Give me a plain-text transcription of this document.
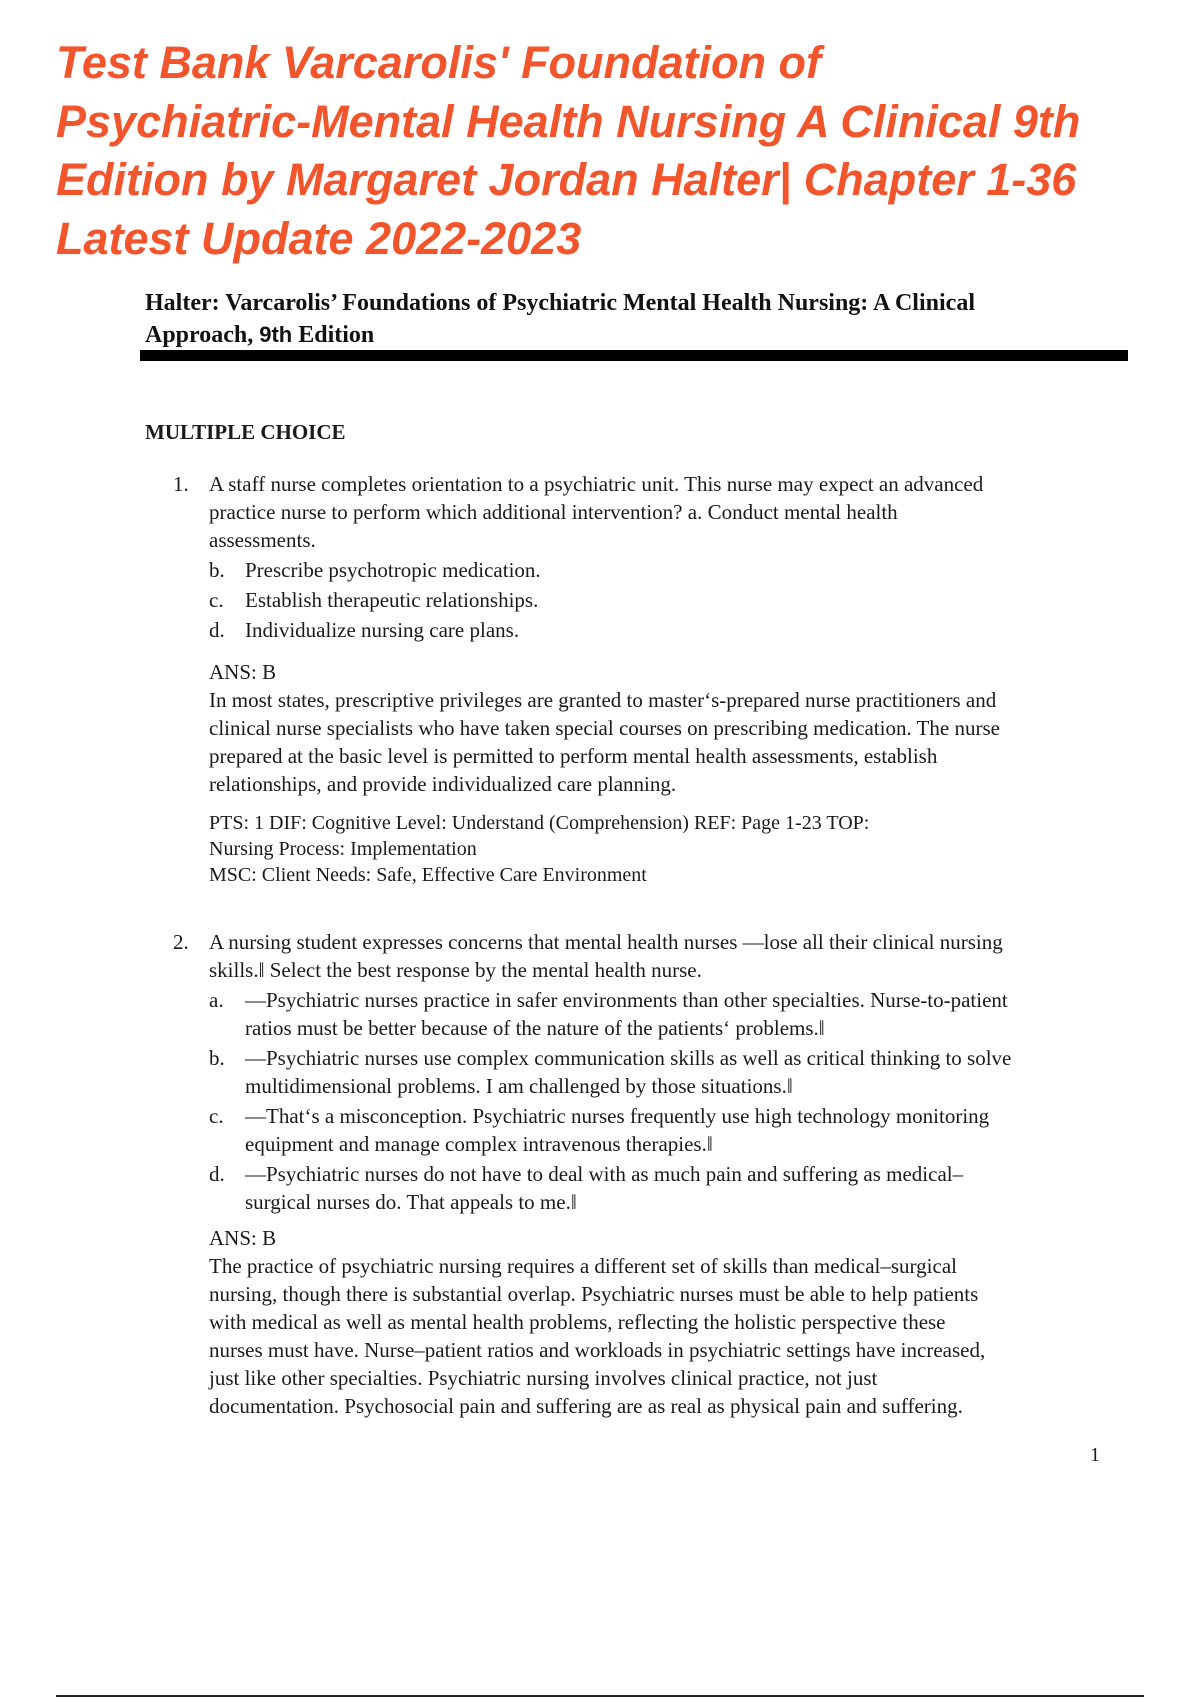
Test Bank Varcarolis' Foundation of
Psychiatric-Mental Health Nursing A Clinical 9th
Edition by Margaret Jordan Halter| Chapter 1-36
Latest Update 2022-2023
Halter: Varcarolis’ Foundations of Psychiatric Mental Health Nursing: A Clinical
Approach, 9th Edition
MULTIPLE CHOICE
1. A staff nurse completes orientation to a psychiatric unit. This nurse may expect an advanced
practice nurse to perform which additional intervention? a. Conduct mental health
assessments.
b. Prescribe psychotropic medication.
c. Establish therapeutic relationships.
d. Individualize nursing care plans.
ANS: B
In most states, prescriptive privileges are granted to master‘s-prepared nurse practitioners and
clinical nurse specialists who have taken special courses on prescribing medication. The nurse
prepared at the basic level is permitted to perform mental health assessments, establish
relationships, and provide individualized care planning.
PTS: 1 DIF: Cognitive Level: Understand (Comprehension) REF: Page 1-23 TOP:
Nursing Process: Implementation
MSC: Client Needs: Safe, Effective Care Environment
2. A nursing student expresses concerns that mental health nurses ―lose all their clinical nursing
skills.‖ Select the best response by the mental health nurse.
a. ―Psychiatric nurses practice in safer environments than other specialties. Nurse-to-patient
ratios must be better because of the nature of the patients‘ problems.‖
b. ―Psychiatric nurses use complex communication skills as well as critical thinking to solve
multidimensional problems. I am challenged by those situations.‖
c. ―That‘s a misconception. Psychiatric nurses frequently use high technology monitoring
equipment and manage complex intravenous therapies.‖
d. ―Psychiatric nurses do not have to deal with as much pain and suffering as medical–
surgical nurses do. That appeals to me.‖
ANS: B
The practice of psychiatric nursing requires a different set of skills than medical–surgical
nursing, though there is substantial overlap. Psychiatric nurses must be able to help patients
with medical as well as mental health problems, reflecting the holistic perspective these
nurses must have. Nurse–patient ratios and workloads in psychiatric settings have increased,
just like other specialties. Psychiatric nursing involves clinical practice, not just
documentation. Psychosocial pain and suffering are as real as physical pain and suffering.
1
